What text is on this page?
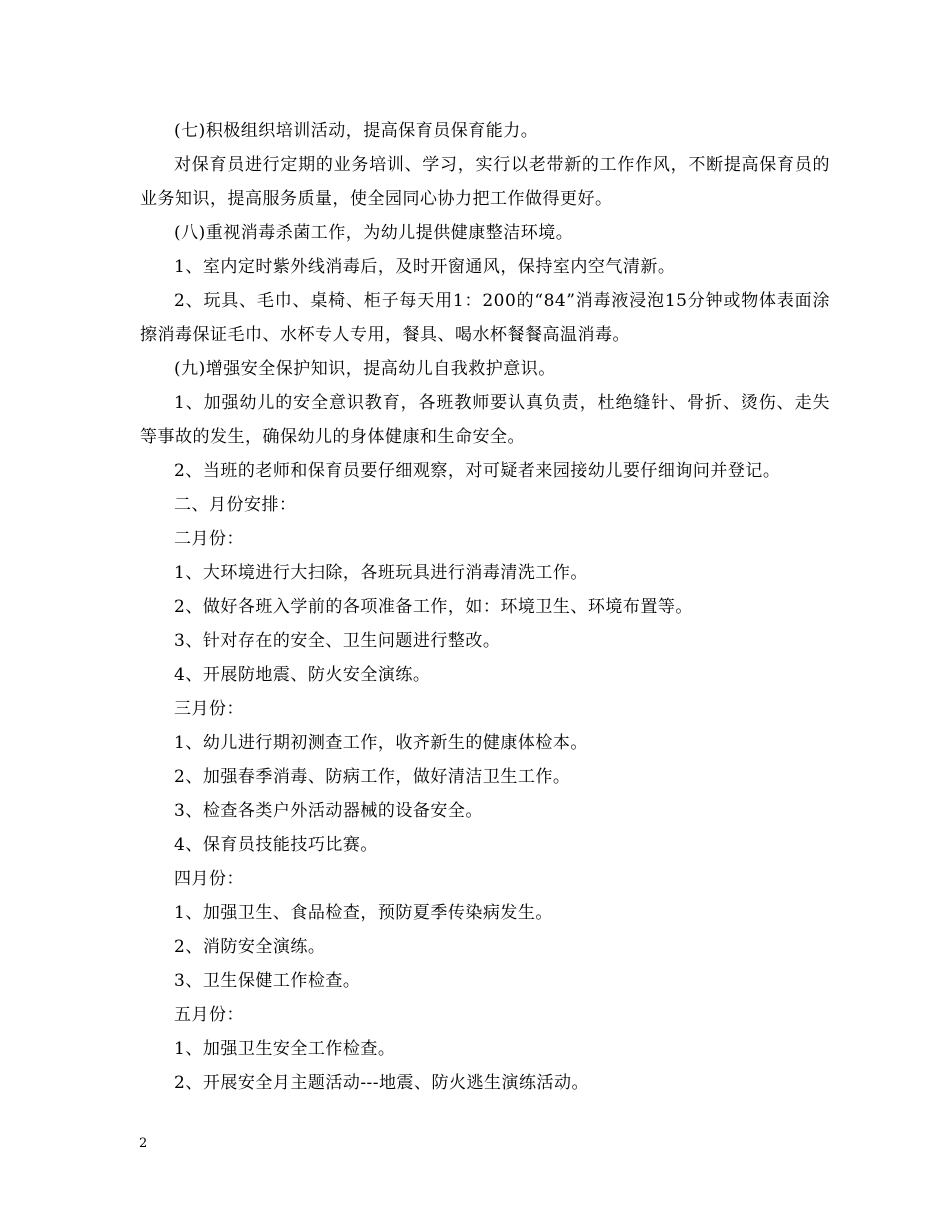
(七)积极组织培训活动，提高保育员保育能力。

对保育员进行定期的业务培训、学习，实行以老带新的工作作风，不断提高保育员的业务知识，提高服务质量，使全园同心协力把工作做得更好。

(八)重视消毒杀菌工作，为幼儿提供健康整洁环境。

1、室内定时紫外线消毒后，及时开窗通风，保持室内空气清新。

2、玩具、毛巾、桌椅、柜子每天用1：200的“84”消毒液浸泡15分钟或物体表面涂擦消毒保证毛巾、水杯专人专用，餐具、喝水杯餐餐高温消毒。

(九)增强安全保护知识，提高幼儿自我救护意识。

1、加强幼儿的安全意识教育，各班教师要认真负责，杜绝缝针、骨折、烫伤、走失等事故的发生，确保幼儿的身体健康和生命安全。

2、当班的老师和保育员要仔细观察，对可疑者来园接幼儿要仔细询问并登记。

二、月份安排：

二月份：

1、大环境进行大扫除，各班玩具进行消毒清洗工作。

2、做好各班入学前的各项准备工作，如：环境卫生、环境布置等。

3、针对存在的安全、卫生问题进行整改。

4、开展防地震、防火安全演练。

三月份：

1、幼儿进行期初测查工作，收齐新生的健康体检本。

2、加强春季消毒、防病工作，做好清洁卫生工作。

3、检查各类户外活动器械的设备安全。

4、保育员技能技巧比赛。

四月份：

1、加强卫生、食品检查，预防夏季传染病发生。

2、消防安全演练。

3、卫生保健工作检查。

五月份：

1、加强卫生安全工作检查。

2、开展安全月主题活动---地震、防火逃生演练活动。

2
